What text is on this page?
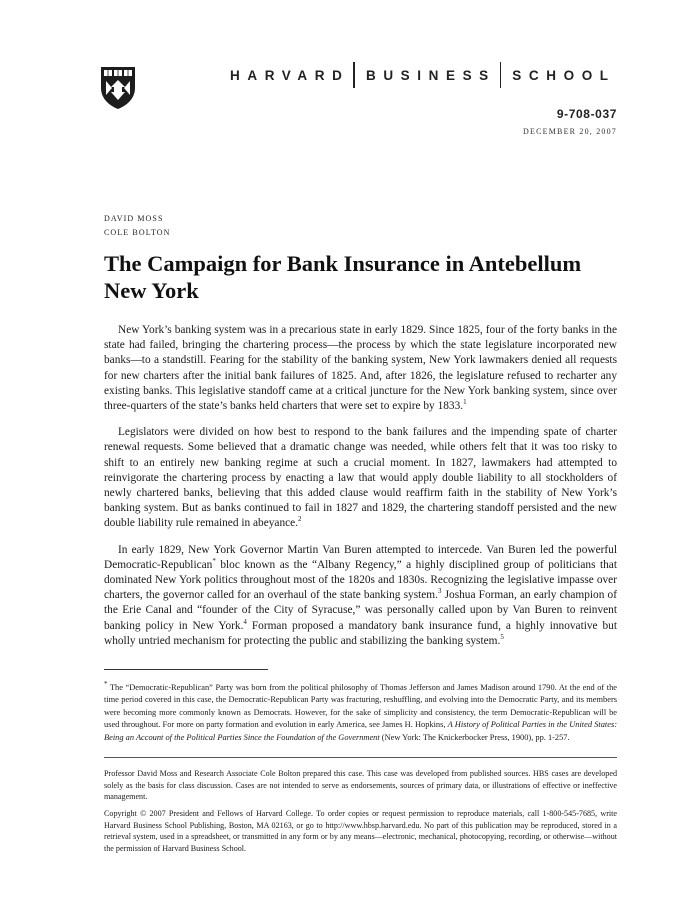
HARVARD BUSINESS SCHOOL
9-708-037
DECEMBER 20, 2007
DAVID MOSS
COLE BOLTON
The Campaign for Bank Insurance in Antebellum New York

New York’s banking system was in a precarious state in early 1829. Since 1825, four of the forty banks in the state had failed, bringing the chartering process—the process by which the state legislature incorporated new banks—to a standstill. Fearing for the stability of the banking system, New York lawmakers denied all requests for new charters after the initial bank failures of 1825. And, after 1826, the legislature refused to recharter any existing banks. This legislative standoff came at a critical juncture for the New York banking system, since over three-quarters of the state’s banks held charters that were set to expire by 1833.$^1$

Legislators were divided on how best to respond to the bank failures and the impending spate of charter renewal requests. Some believed that a dramatic change was needed, while others felt that it was too risky to shift to an entirely new banking regime at such a crucial moment. In 1827, lawmakers had attempted to reinvigorate the chartering process by enacting a law that would apply double liability to all stockholders of newly chartered banks, believing that this added clause would reaffirm faith in the stability of New York’s banking system. But as banks continued to fail in 1827 and 1829, the chartering standoff persisted and the new double liability rule remained in abeyance.$^2$

In early 1829, New York Governor Martin Van Buren attempted to intercede. Van Buren led the powerful Democratic-Republican* bloc known as the “Albany Regency,” a highly disciplined group of politicians that dominated New York politics throughout most of the 1820s and 1830s. Recognizing the legislative impasse over charters, the governor called for an overhaul of the state banking system.$^3$ Joshua Forman, an early champion of the Erie Canal and “founder of the City of Syracuse,” was personally called upon by Van Buren to reinvent banking policy in New York.$^4$ Forman proposed a mandatory bank insurance fund, a highly innovative but wholly untried mechanism for protecting the public and stabilizing the banking system.$^5$

* The “Democratic-Republican” Party was born from the political philosophy of Thomas Jefferson and James Madison around 1790. At the end of the time period covered in this case, the Democratic-Republican Party was fracturing, reshuffling, and evolving into the Democratic Party, and its members were becoming more commonly known as Democrats. However, for the sake of simplicity and consistency, the term Democratic-Republican will be used throughout. For more on party formation and evolution in early America, see James H. Hopkins, A History of Political Parties in the United States: Being an Account of the Political Parties Since the Foundation of the Government (New York: The Knickerbocker Press, 1900), pp. 1-257.

Professor David Moss and Research Associate Cole Bolton prepared this case. This case was developed from published sources. HBS cases are developed solely as the basis for class discussion. Cases are not intended to serve as endorsements, sources of primary data, or illustrations of effective or ineffective management.

Copyright © 2007 President and Fellows of Harvard College. To order copies or request permission to reproduce materials, call 1-800-545-7685, write Harvard Business School Publishing, Boston, MA 02163, or go to http://www.hbsp.harvard.edu. No part of this publication may be reproduced, stored in a retrieval system, used in a spreadsheet, or transmitted in any form or by any means—electronic, mechanical, photocopying, recording, or otherwise—without the permission of Harvard Business School.
